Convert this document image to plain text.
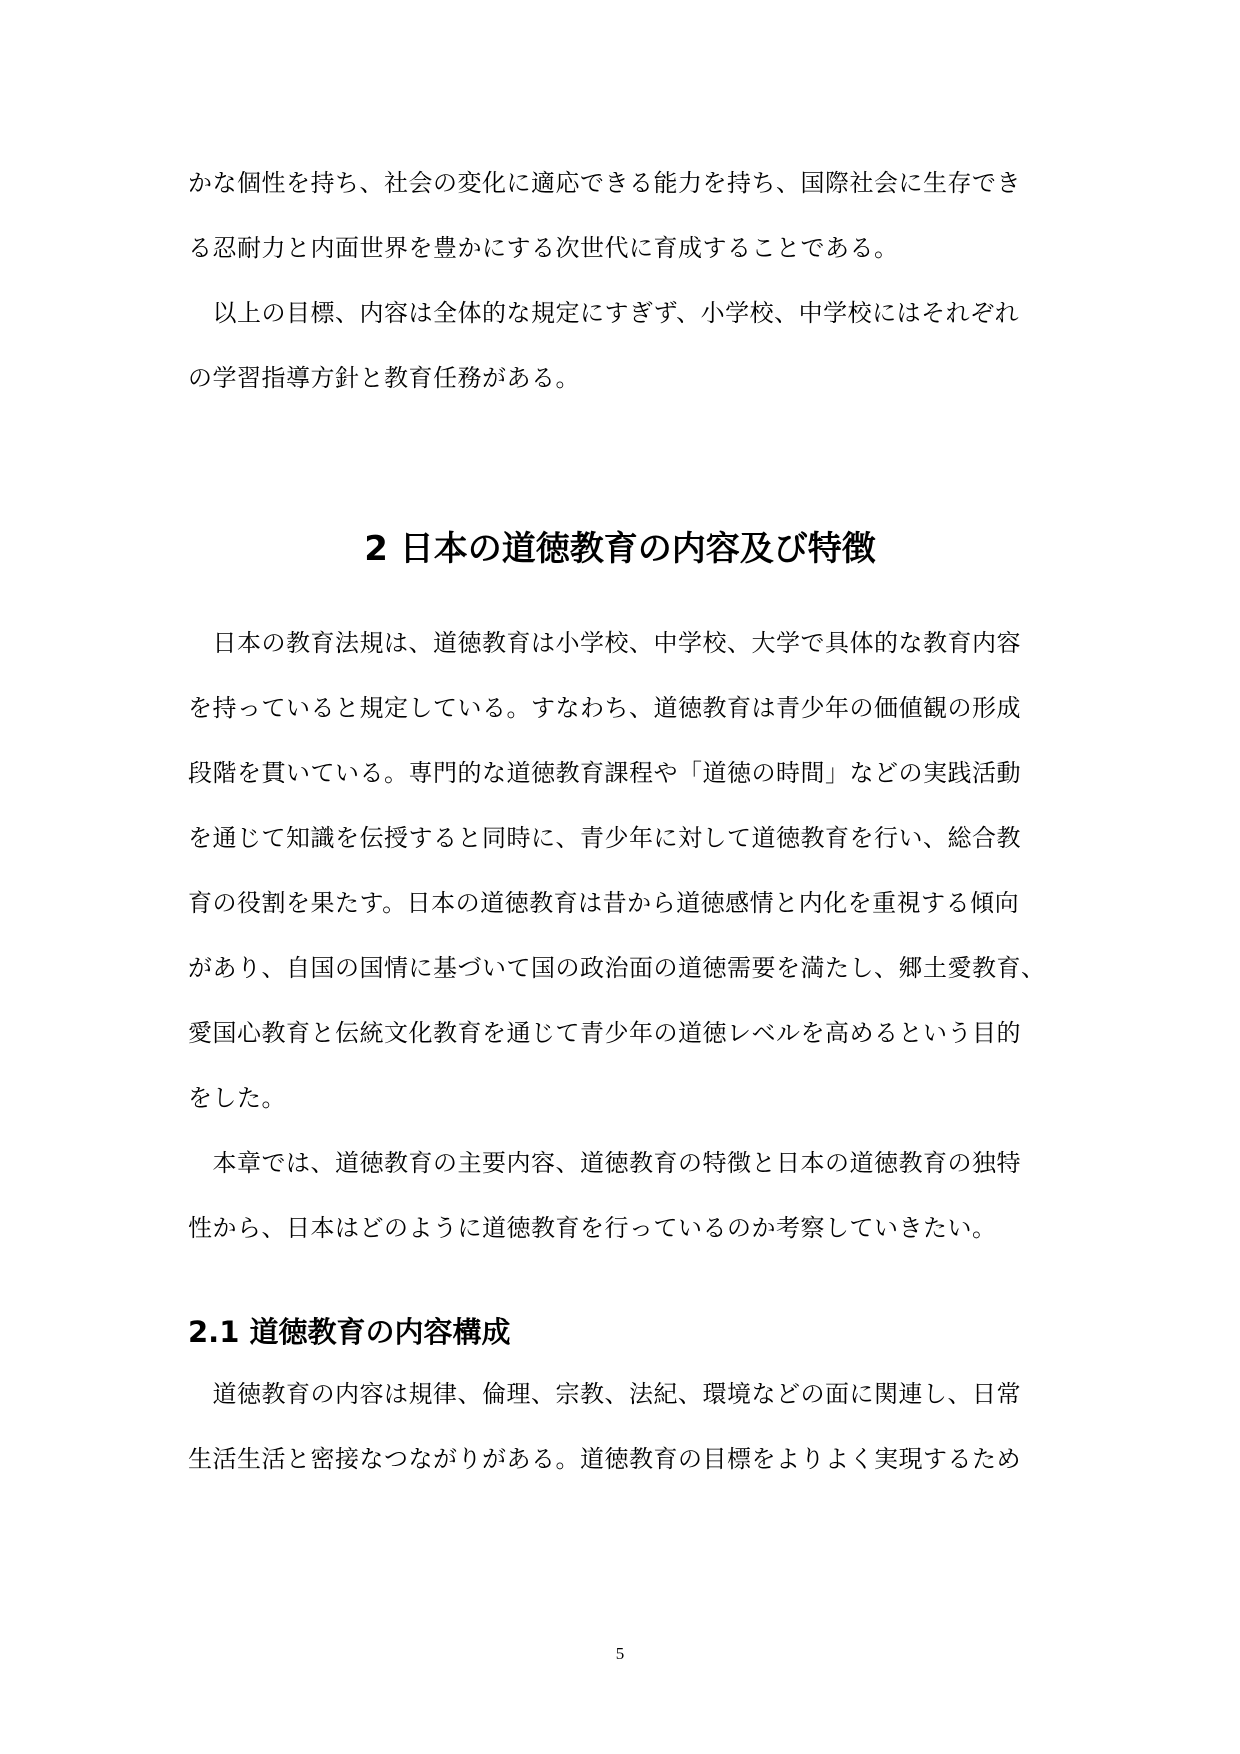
かな個性を持ち、社会の変化に適応できる能力を持ち、国際社会に生存でき
る忍耐力と内面世界を豊かにする次世代に育成することである。
　以上の目標、内容は全体的な規定にすぎず、小学校、中学校にはそれぞれ
の学習指導方針と教育任務がある。
2 日本の道徳教育の内容及び特徴
　日本の教育法規は、道徳教育は小学校、中学校、大学で具体的な教育内容
を持っていると規定している。すなわち、道徳教育は青少年の価値観の形成
段階を貫いている。専門的な道徳教育課程や「道徳の時間」などの実践活動
を通じて知識を伝授すると同時に、青少年に対して道徳教育を行い、総合教
育の役割を果たす。日本の道徳教育は昔から道徳感情と内化を重視する傾向
があり、自国の国情に基づいて国の政治面の道徳需要を満たし、郷土愛教育、
愛国心教育と伝統文化教育を通じて青少年の道徳レベルを高めるという目的
をした。
　本章では、道徳教育の主要内容、道徳教育の特徴と日本の道徳教育の独特
性から、日本はどのように道徳教育を行っているのか考察していきたい。
2.1 道徳教育の内容構成
　道徳教育の内容は規律、倫理、宗教、法紀、環境などの面に関連し、日常
生活生活と密接なつながりがある。道徳教育の目標をよりよく実現するため
5
